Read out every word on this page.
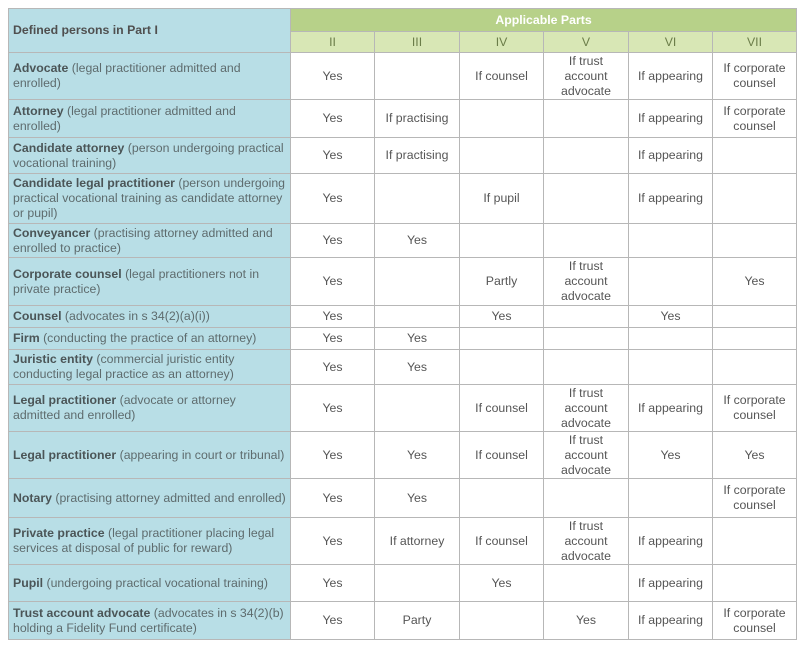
Defined persons in Part I	Applicable Parts					
	II	III	IV	V	VI	VII
Advocate (legal practitioner admitted and enrolled)	Yes		If counsel	If trust account advocate	If appearing	If corporate counsel
Attorney (legal practitioner admitted and enrolled)	Yes	If practising			If appearing	If corporate counsel
Candidate attorney (person undergoing practical vocational training)	Yes	If practising			If appearing	
Candidate legal practitioner (person undergoing practical vocational training as candidate attorney or pupil)	Yes		If pupil		If appearing	
Conveyancer (practising attorney admitted and enrolled to practice)	Yes	Yes				
Corporate counsel (legal practitioners not in private practice)	Yes		Partly	If trust account advocate		Yes
Counsel (advocates in s 34(2)(a)(i))	Yes		Yes		Yes	
Firm (conducting the practice of an attorney)	Yes	Yes				
Juristic entity (commercial juristic entity conducting legal practice as an attorney)	Yes	Yes				
Legal practitioner (advocate or attorney admitted and enrolled)	Yes		If counsel	If trust account advocate	If appearing	If corporate counsel
Legal practitioner (appearing in court or tribunal)	Yes	Yes	If counsel	If trust account advocate	Yes	Yes
Notary (practising attorney admitted and enrolled)	Yes	Yes				If corporate counsel
Private practice (legal practitioner placing legal services at disposal of public for reward)	Yes	If attorney	If counsel	If trust account advocate	If appearing	
Pupil (undergoing practical vocational training)	Yes		Yes		If appearing	
Trust account advocate (advocates in s 34(2)(b) holding a Fidelity Fund certificate)	Yes	Party		Yes	If appearing	If corporate counsel
